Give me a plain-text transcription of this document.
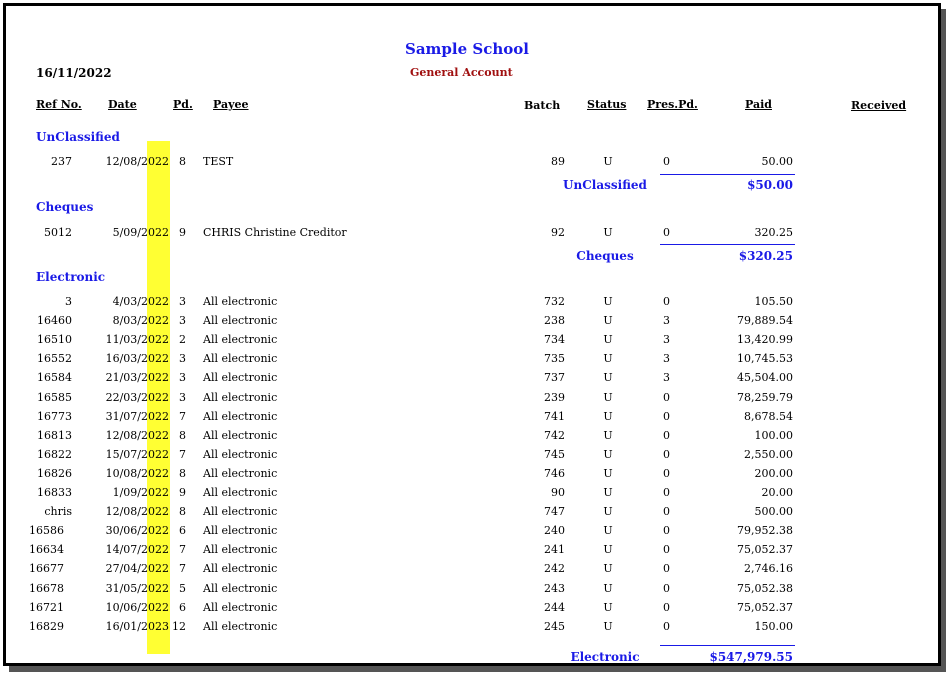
Sample School
16/11/2022	General Account
Ref No. Date	Pd. Payee	Batch Status Pres.Pd.	Paid	Received
UnClassified
237	12/08/2022 8 TEST	89	U	0	50.00
UnClassified	$50.00
Cheques
5012	5/09/2022 9 CHRIS Christine Creditor	92	U	0	320.25
Cheques	$320.25
Electronic
3	4/03/2022 3 All electronic	732	U	0	105.50
16460	8/03/2022 3 All electronic	238	U	3	79,889.54
16510	11/03/2022 2 All electronic	734	U	3	13,420.99
16552	16/03/2022 3 All electronic	735	U	3	10,745.53
16584	21/03/2022 3 All electronic	737	U	3	45,504.00
16585	22/03/2022 3 All electronic	239	U	0	78,259.79
16773	31/07/2022 7 All electronic	741	U	0	8,678.54
16813	12/08/2022 8 All electronic	742	U	0	100.00
16822	15/07/2022 7 All electronic	745	U	0	2,550.00
16826	10/08/2022 8 All electronic	746	U	0	200.00
16833	1/09/2022 9 All electronic	90	U	0	20.00
chris	12/08/2022 8 All electronic	747	U	0	500.00
16586	30/06/2022 6 All electronic	240	U	0	79,952.38
16634	14/07/2022 7 All electronic	241	U	0	75,052.37
16677	27/04/2022 7 All electronic	242	U	0	2,746.16
16678	31/05/2022 5 All electronic	243	U	0	75,052.38
16721	10/06/2022 6 All electronic	244	U	0	75,052.37
16829	16/01/2023 12 All electronic	245	U	0	150.00
Electronic	$547,979.55
